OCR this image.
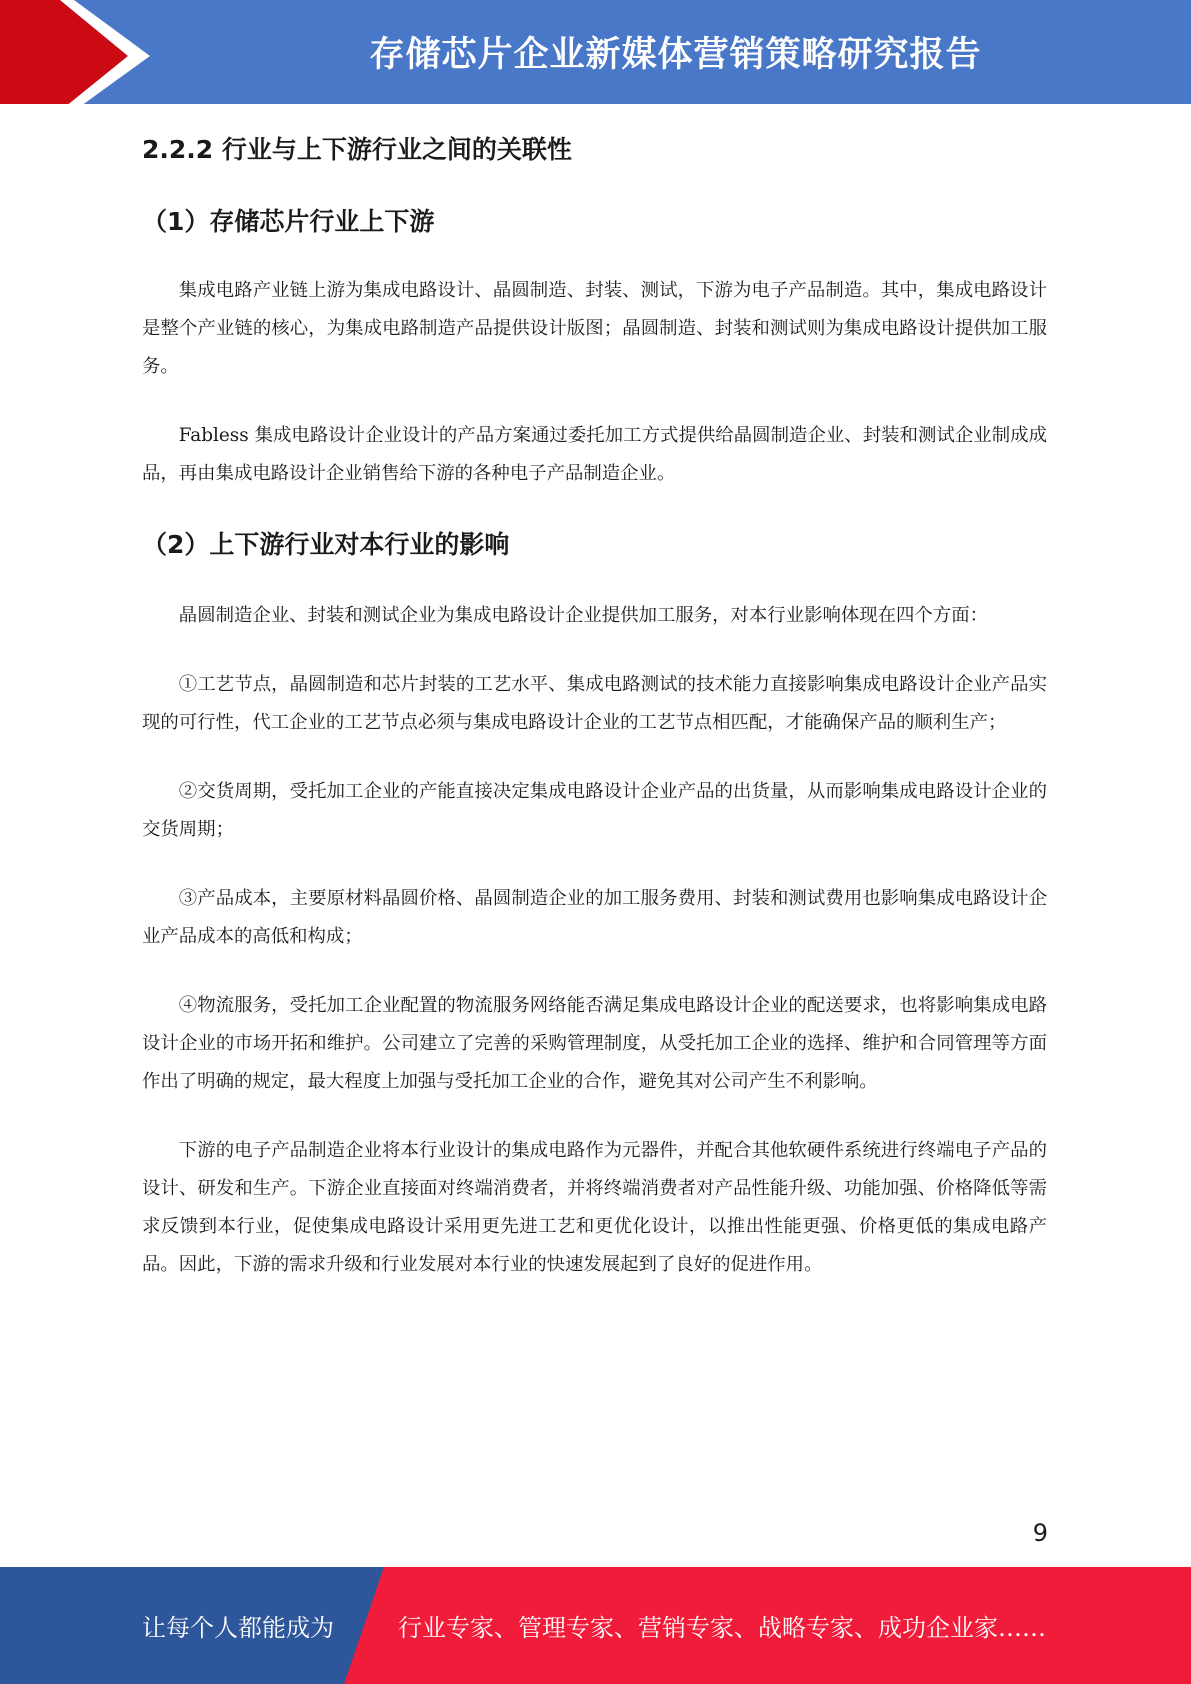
存储芯片企业新媒体营销策略研究报告
2.2.2 行业与上下游行业之间的关联性
（1）存储芯片行业上下游

集成电路产业链上游为集成电路设计、晶圆制造、封装、测试，下游为电子产品制造。其中，集成电路设计是整个产业链的核心，为集成电路制造产品提供设计版图；晶圆制造、封装和测试则为集成电路设计提供加工服务。

Fabless 集成电路设计企业设计的产品方案通过委托加工方式提供给晶圆制造企业、封装和测试企业制成成品，再由集成电路设计企业销售给下游的各种电子产品制造企业。

（2）上下游行业对本行业的影响

晶圆制造企业、封装和测试企业为集成电路设计企业提供加工服务，对本行业影响体现在四个方面：

①工艺节点，晶圆制造和芯片封装的工艺水平、集成电路测试的技术能力直接影响集成电路设计企业产品实现的可行性，代工企业的工艺节点必须与集成电路设计企业的工艺节点相匹配，才能确保产品的顺利生产；

②交货周期，受托加工企业的产能直接决定集成电路设计企业产品的出货量，从而影响集成电路设计企业的交货周期；

③产品成本，主要原材料晶圆价格、晶圆制造企业的加工服务费用、封装和测试费用也影响集成电路设计企业产品成本的高低和构成；

④物流服务，受托加工企业配置的物流服务网络能否满足集成电路设计企业的配送要求，也将影响集成电路设计企业的市场开拓和维护。公司建立了完善的采购管理制度，从受托加工企业的选择、维护和合同管理等方面作出了明确的规定，最大程度上加强与受托加工企业的合作，避免其对公司产生不利影响。

下游的电子产品制造企业将本行业设计的集成电路作为元器件，并配合其他软硬件系统进行终端电子产品的设计、研发和生产。下游企业直接面对终端消费者，并将终端消费者对产品性能升级、功能加强、价格降低等需求反馈到本行业，促使集成电路设计采用更先进工艺和更优化设计，以推出性能更强、价格更低的集成电路产品。因此，下游的需求升级和行业发展对本行业的快速发展起到了良好的促进作用。

9
让每个人都能成为	行业专家、管理专家、营销专家、战略专家、成功企业家……
